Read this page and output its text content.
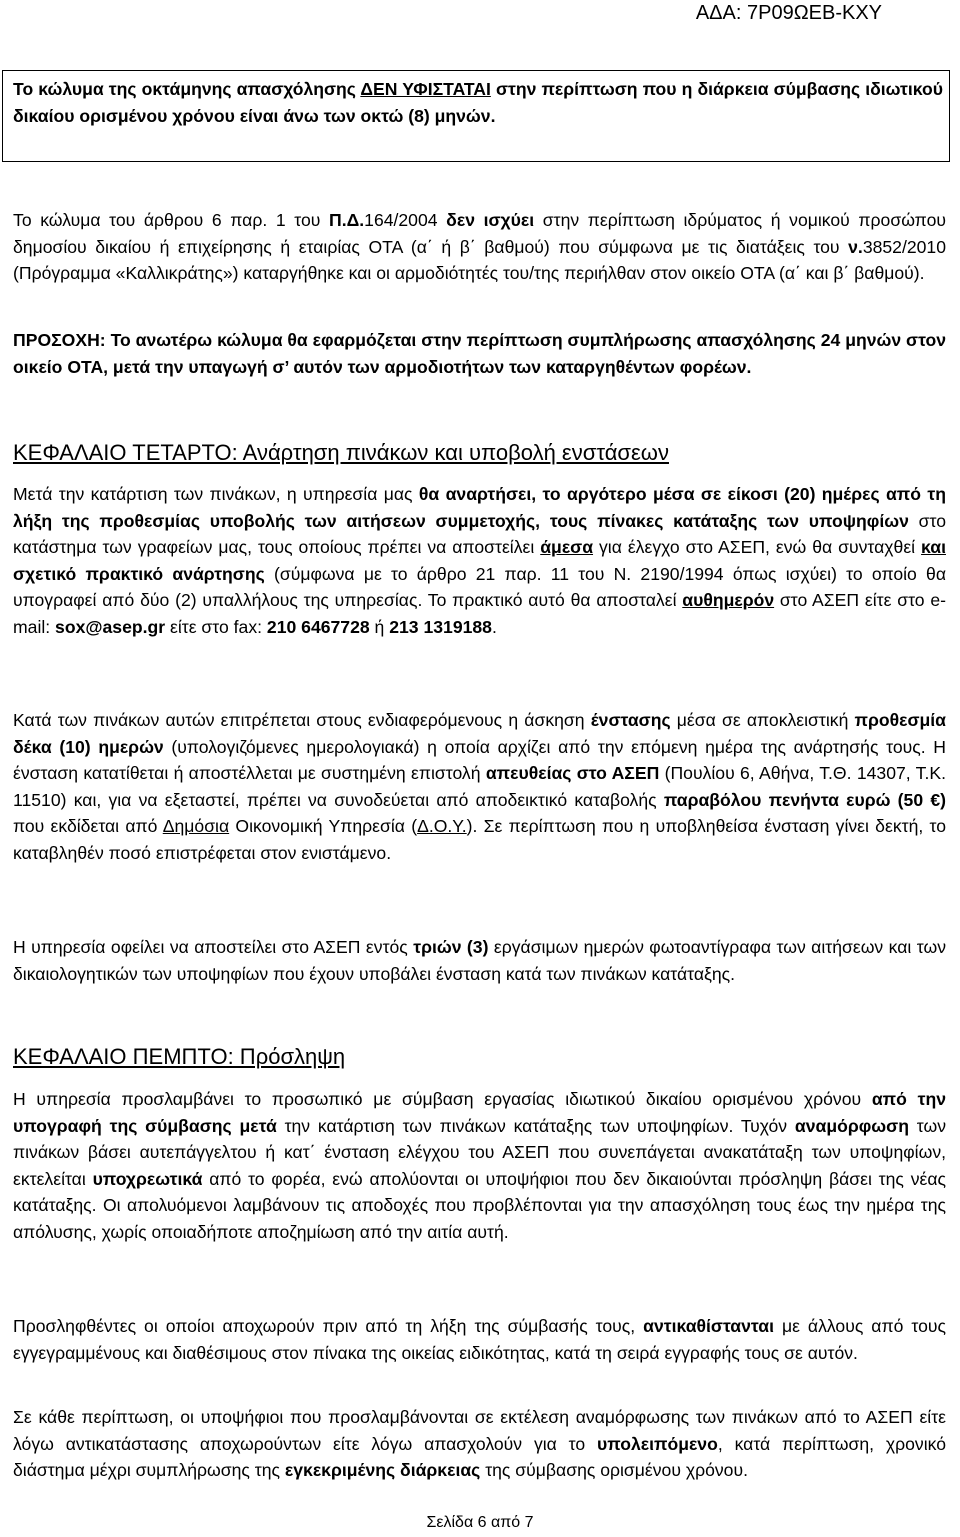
ΑΔΑ: 7Ρ09ΩΕΒ-ΚΧΥ

Το κώλυμα της οκτάμηνης απασχόλησης ΔΕΝ ΥΦΙΣΤΑΤΑΙ στην περίπτωση που η διάρκεια σύμβασης ιδιωτικού δικαίου ορισμένου χρόνου είναι άνω των οκτώ (8) μηνών.

Το κώλυμα του άρθρου 6 παρ. 1 του Π.Δ.164/2004 δεν ισχύει στην περίπτωση ιδρύματος ή νομικού προσώπου δημοσίου δικαίου ή επιχείρησης ή εταιρίας ΟΤΑ (α΄ ή β΄ βαθμού) που σύμφωνα με τις διατάξεις του ν.3852/2010 (Πρόγραμμα «Καλλικράτης») καταργήθηκε και οι αρμοδιότητές του/της περιήλθαν στον οικείο ΟΤΑ (α΄ και β΄ βαθμού).

ΠΡΟΣΟΧΗ: Το ανωτέρω κώλυμα θα εφαρμόζεται στην περίπτωση συμπλήρωσης απασχόλησης 24 μηνών στον οικείο ΟΤΑ, μετά την υπαγωγή σ’ αυτόν των αρμοδιοτήτων των καταργηθέντων φορέων.

ΚΕΦΑΛΑΙΟ ΤΕΤΑΡΤΟ: Ανάρτηση πινάκων και υποβολή ενστάσεων

Μετά την κατάρτιση των πινάκων, η υπηρεσία μας θα αναρτήσει, το αργότερο μέσα σε είκοσι (20) ημέρες από τη λήξη της προθεσμίας υποβολής των αιτήσεων συμμετοχής, τους πίνακες κατάταξης των υποψηφίων στο κατάστημα των γραφείων μας, τους οποίους πρέπει να αποστείλει άμεσα για έλεγχο στο ΑΣΕΠ, ενώ θα συνταχθεί και σχετικό πρακτικό ανάρτησης (σύμφωνα με το άρθρο 21 παρ. 11 του Ν. 2190/1994 όπως ισχύει) το οποίο θα υπογραφεί από δύο (2) υπαλλήλους της υπηρεσίας. Το πρακτικό αυτό θα αποσταλεί αυθημερόν στο ΑΣΕΠ είτε στο e-mail: sox@asep.gr είτε στο fax: 210 6467728 ή 213 1319188.

Κατά των πινάκων αυτών επιτρέπεται στους ενδιαφερόμενους η άσκηση ένστασης μέσα σε αποκλειστική προθεσμία δέκα (10) ημερών (υπολογιζόμενες ημερολογιακά) η οποία αρχίζει από την επόμενη ημέρα της ανάρτησής τους. Η ένσταση κατατίθεται ή αποστέλλεται με συστημένη επιστολή απευθείας στο ΑΣΕΠ (Πουλίου 6, Αθήνα, Τ.Θ. 14307, Τ.Κ. 11510) και, για να εξεταστεί, πρέπει να συνοδεύεται από αποδεικτικό καταβολής παραβόλου πενήντα ευρώ (50 €) που εκδίδεται από Δημόσια Οικονομική Υπηρεσία (Δ.Ο.Υ.). Σε περίπτωση που η υποβληθείσα ένσταση γίνει δεκτή, το καταβληθέν ποσό επιστρέφεται στον ενιστάμενο.

Η υπηρεσία οφείλει να αποστείλει στο ΑΣΕΠ εντός τριών (3) εργάσιμων ημερών φωτοαντίγραφα των αιτήσεων και των δικαιολογητικών των υποψηφίων που έχουν υποβάλει ένσταση κατά των πινάκων κατάταξης.

ΚΕΦΑΛΑΙΟ ΠΕΜΠΤΟ: Πρόσληψη

Η υπηρεσία προσλαμβάνει το προσωπικό με σύμβαση εργασίας ιδιωτικού δικαίου ορισμένου χρόνου από την υπογραφή της σύμβασης μετά την κατάρτιση των πινάκων κατάταξης των υποψηφίων. Τυχόν αναμόρφωση των πινάκων βάσει αυτεπάγγελτου ή κατ΄ ένσταση ελέγχου του ΑΣΕΠ που συνεπάγεται ανακατάταξη των υποψηφίων, εκτελείται υποχρεωτικά από το φορέα, ενώ απολύονται οι υποψήφιοι που δεν δικαιούνται πρόσληψη βάσει της νέας κατάταξης. Οι απολυόμενοι λαμβάνουν τις αποδοχές που προβλέπονται για την απασχόληση τους έως την ημέρα της απόλυσης, χωρίς οποιαδήποτε αποζημίωση από την αιτία αυτή.

Προσληφθέντες οι οποίοι αποχωρούν πριν από τη λήξη της σύμβασής τους, αντικαθίστανται με άλλους από τους εγγεγραμμένους και διαθέσιμους στον πίνακα της οικείας ειδικότητας, κατά τη σειρά εγγραφής τους σε αυτόν.

Σε κάθε περίπτωση, οι υποψήφιοι που προσλαμβάνονται σε εκτέλεση αναμόρφωσης των πινάκων από το ΑΣΕΠ είτε λόγω αντικατάστασης αποχωρούντων είτε λόγω απασχολούν για το υπολειπόμενο, κατά περίπτωση, χρονικό διάστημα μέχρι συμπλήρωσης της εγκεκριμένης διάρκειας της σύμβασης ορισμένου χρόνου.

Σελίδα 6 από 7
